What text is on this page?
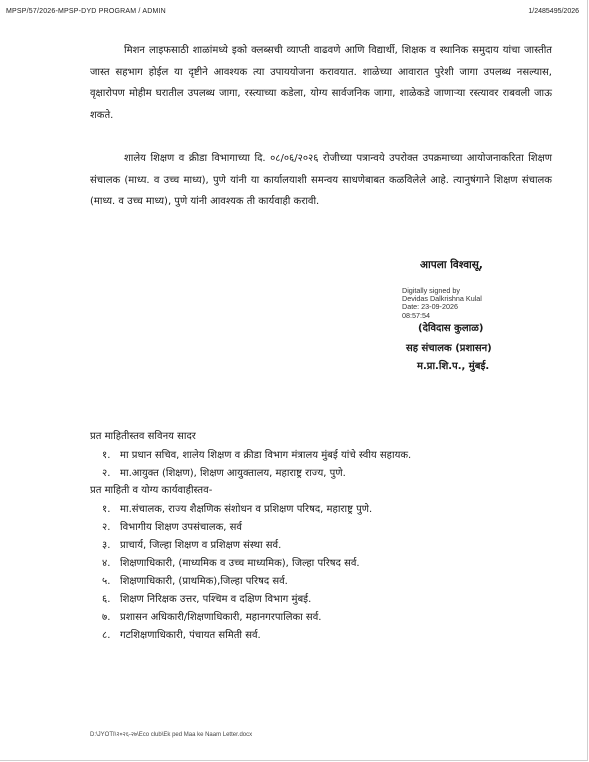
MPSP/57/2026-MPSP-DYD PROGRAM / ADMIN	1/2485495/2026

मिशन लाइफसाठी शाळांमध्ये इको क्लब्सची व्याप्ती वाढवणे आणि विद्यार्थी, शिक्षक व स्थानिक समुदाय यांचा जास्तीत जास्त सहभाग होईल या दृष्टीने आवश्यक त्या उपाययोजना करावयात. शाळेच्या आवारात पुरेशी जागा उपलब्ध नसल्यास, वृक्षारोपण मोहीम घरातील उपलब्ध जागा, रस्त्याच्या कडेला, योग्य सार्वजनिक जागा, शाळेकडे जाणाऱ्या रस्त्यावर राबवली जाऊ शकते.

शालेय शिक्षण व क्रीडा विभागाच्या दि. ०८/०६/२०२६ रोजीच्या पत्रान्वये उपरोक्त उपक्रमाच्या आयोजनाकरिता शिक्षण संचालक (माध्य. व उच्च माध्य), पुणे यांनी या कार्यालयाशी समन्वय साधणेबाबत कळविलेले आहे. त्यानुषंगाने शिक्षण संचालक (माध्य. व उच्च माध्य), पुणे यांनी आवश्यक ती कार्यवाही करावी.

आपला विश्वासू,
Digitally signed by
Devidas Dalkrishna Kulal
Date: 23-09-2026
08:57:54
(देविदास कुलाळ)
सह संचालक (प्रशासन)
म.प्रा.शि.प., मुंबई.
प्रत माहितीस्तव सविनय सादर
१. मा प्रधान सचिव, शालेय शिक्षण व क्रीडा विभाग मंत्रालय मुंबई यांचे स्वीय सहायक.
२. मा.आयुक्त (शिक्षण), शिक्षण आयुक्तालय, महाराष्ट्र राज्य, पुणे.
प्रत माहिती व योग्य कार्यवाहीस्तव-
१. मा.संचालक, राज्य शैक्षणिक संशोधन व प्रशिक्षण परिषद, महाराष्ट्र पुणे.
२. विभागीय शिक्षण उपसंचालक, सर्व
३. प्राचार्य, जिल्हा शिक्षण व प्रशिक्षण संस्था सर्व.
४. शिक्षणाधिकारी, (माध्यमिक व उच्च माध्यमिक), जिल्हा परिषद सर्व.
५. शिक्षणाधिकारी, (प्राथमिक),जिल्हा परिषद सर्व.
६. शिक्षण निरिक्षक उत्तर, पश्चिम व दक्षिण विभाग मुंबई.
७. प्रशासन अधिकारी/शिक्षणाधिकारी, महानगरपालिका सर्व.
८. गटशिक्षणाधिकारी, पंचायत समिती सर्व.
D:\JYOTI\२०२६-२७\Eco club\Ek ped Maa ke Naam Letter.docx
